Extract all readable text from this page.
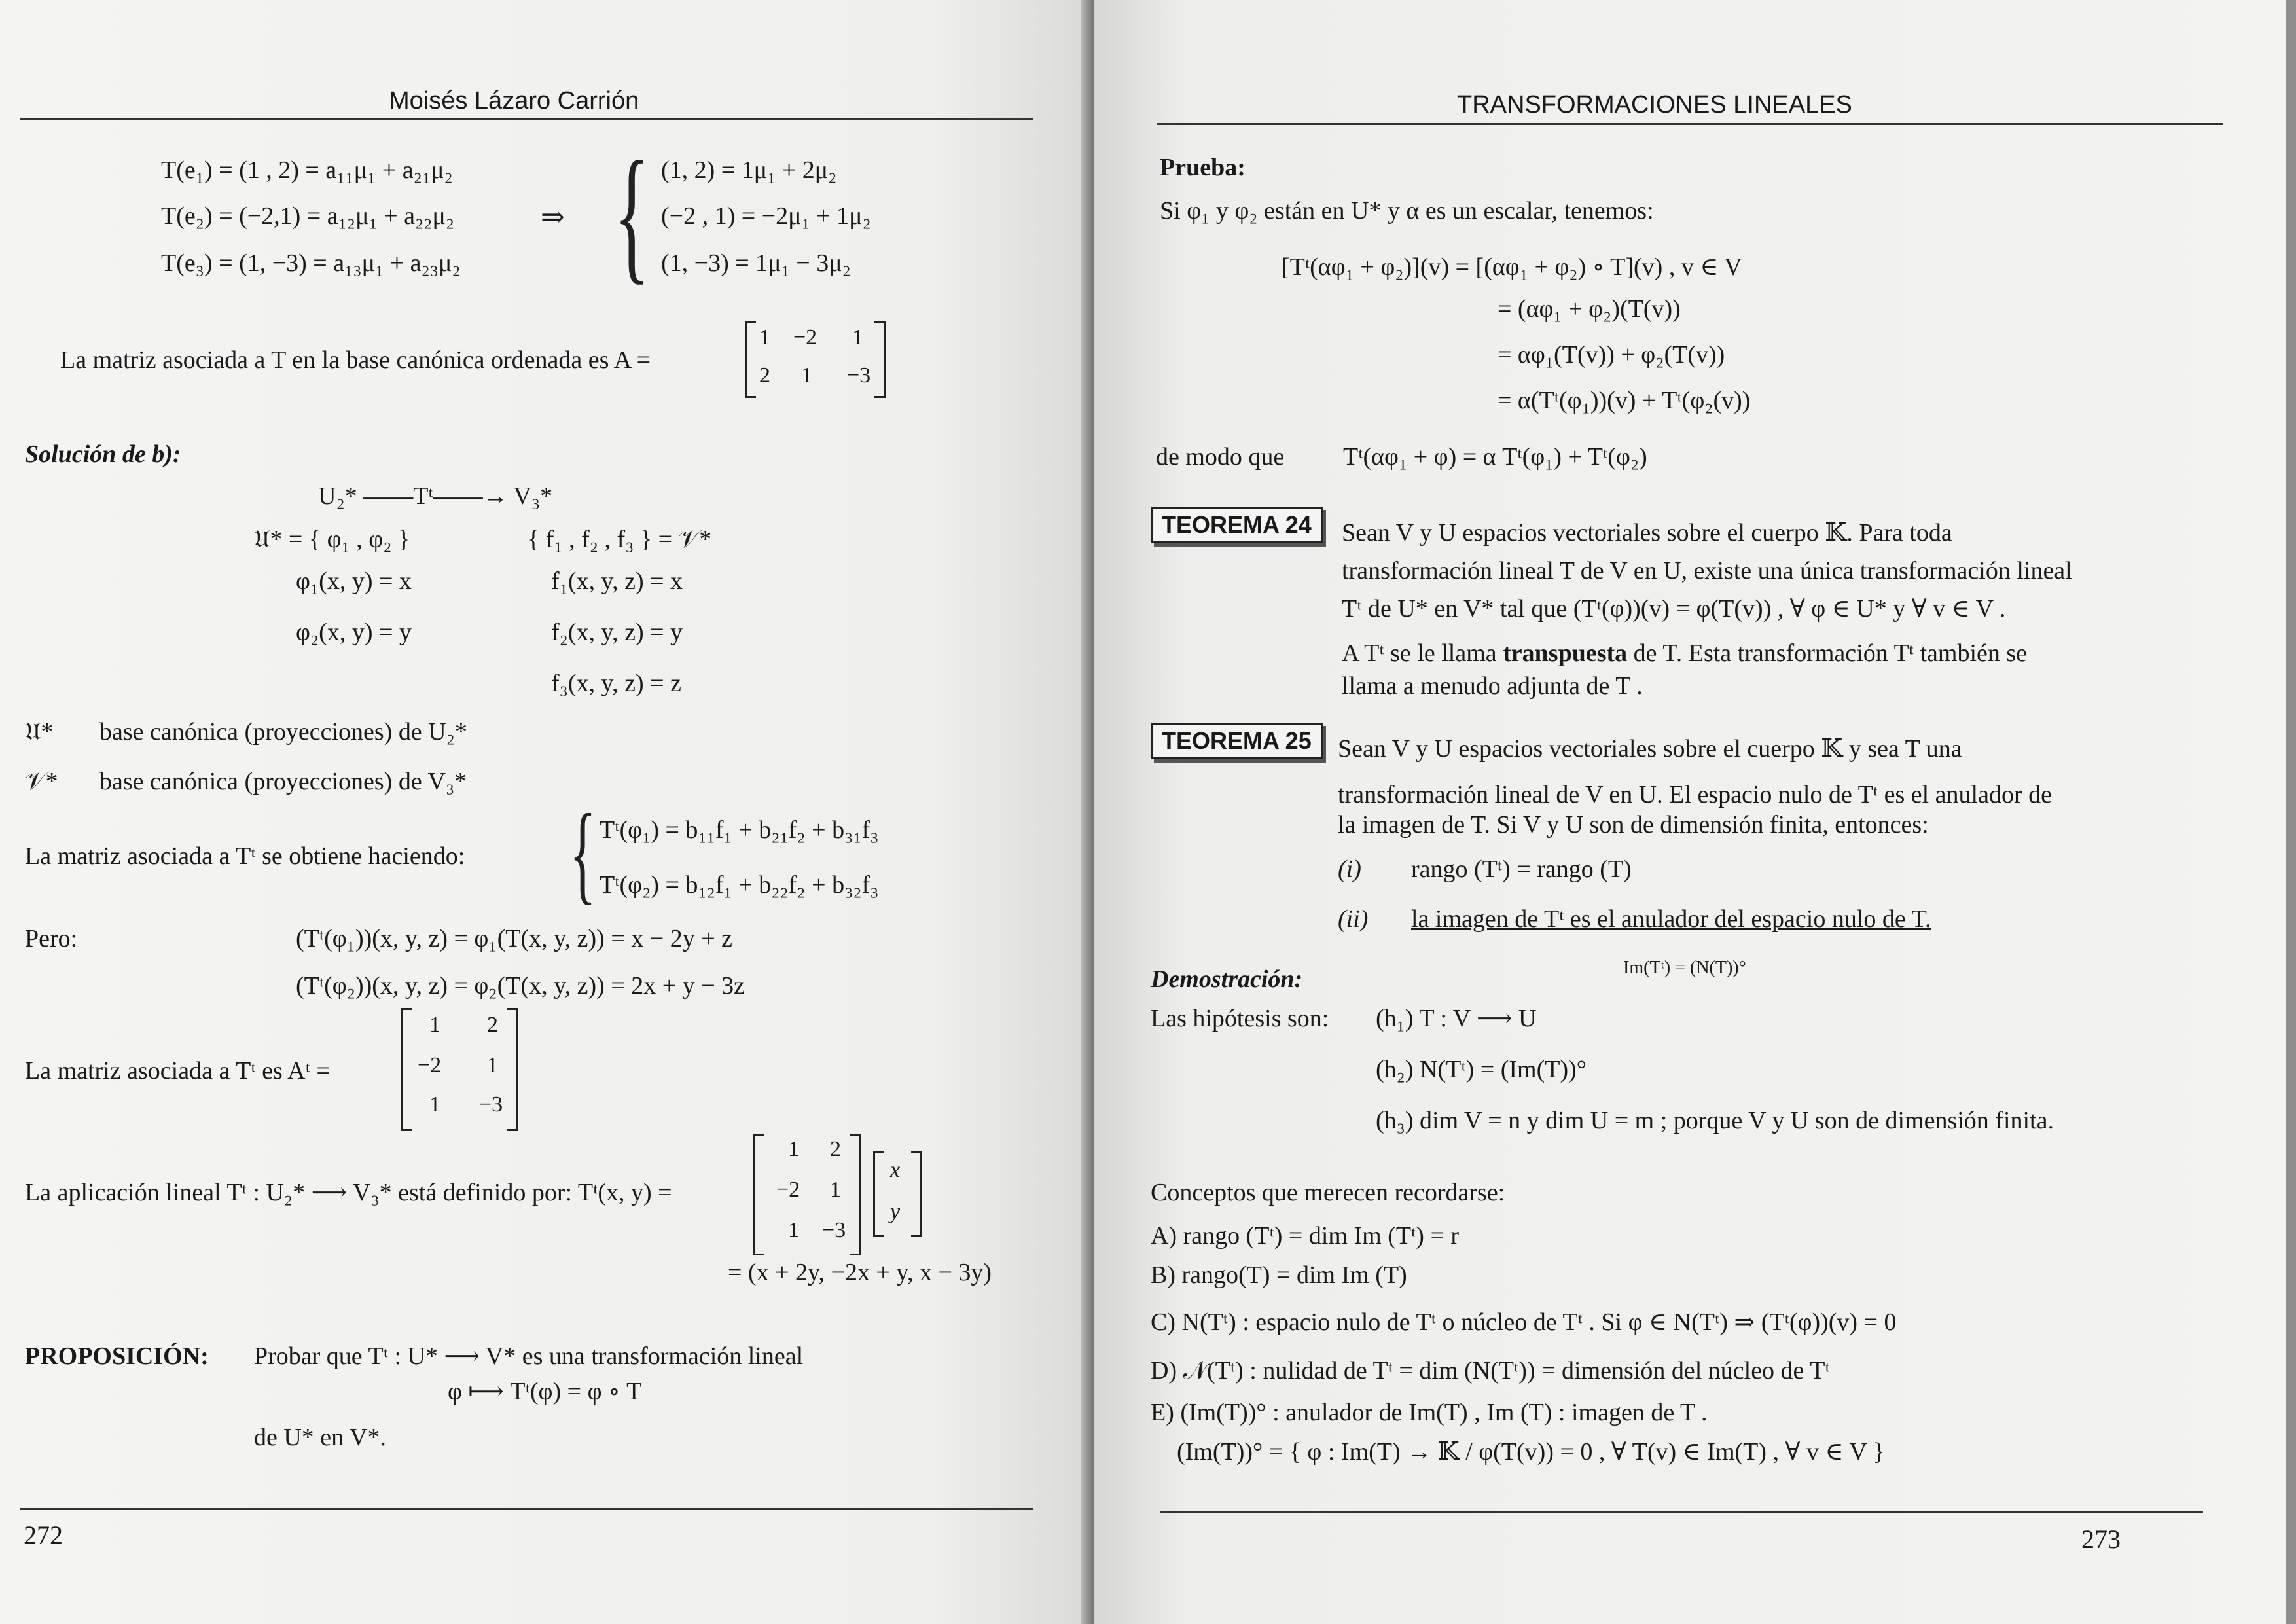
Moisés Lázaro Carrión
T(e₁) = (1 , 2) = a₁₁μ₁ + a₂₁μ₂
T(e₂) = (−2,1) = a₁₂μ₁ + a₂₂μ₂
T(e₃) = (1, −3) = a₁₃μ₁ + a₂₃μ₂
⇒ { (1, 2) = 1μ₁ + 2μ₂
(−2 , 1) = −2μ₁ + 1μ₂
(1, −3) = 1μ₁ − 3μ₂
La matriz asociada a T en la base canónica ordenada es A =
1 −2 1
2 1 −3
Solución de b):
U₂* ——Tᵗ——→ V₃*
𝔘* = { φ₁ , φ₂ }	{ f₁ , f₂ , f₃ } = 𝒱*
φ₁(x, y) = x	f₁(x, y, z) = x
φ₂(x, y) = y	f₂(x, y, z) = y
f₃(x, y, z) = z
𝔘* base canónica (proyecciones) de U₂*
𝒱* base canónica (proyecciones) de V₃*
La matriz asociada a Tᵗ se obtiene haciendo: { Tᵗ(φ₁) = b₁₁f₁ + b₂₁f₂ + b₃₁f₃
Tᵗ(φ₂) = b₁₂f₁ + b₂₂f₂ + b₃₂f₃
Pero:	(Tᵗ(φ₁))(x, y, z) = φ₁(T(x, y, z)) = x − 2y + z
(Tᵗ(φ₂))(x, y, z) = φ₂(T(x, y, z)) = 2x + y − 3z
La matriz asociada a Tᵗ es Aᵗ =
1 2
−2 1
1 −3
La aplicación lineal Tᵗ : U₂* ⟶ V₃* está definido por: Tᵗ(x, y) =
1 2
−2 1
1 −3
x
y
= (x + 2y, −2x + y, x − 3y)
PROPOSICIÓN: Probar que Tᵗ : U* ⟶ V* es una transformación lineal
φ ⟼ Tᵗ(φ) = φ ∘ T
de U* en V*.
272
TRANSFORMACIONES LINEALES
Prueba:
Si φ₁ y φ₂ están en U* y α es un escalar, tenemos:
[Tᵗ(αφ₁ + φ₂)](v) = [(αφ₁ + φ₂) ∘ T](v) , v ∈ V
= (αφ₁ + φ₂)(T(v))
= αφ₁(T(v)) + φ₂(T(v))
= α(Tᵗ(φ₁))(v) + Tᵗ(φ₂(v))
de modo que Tᵗ(αφ₁ + φ) = α Tᵗ(φ₁) + Tᵗ(φ₂)
TEOREMA 24	Sean V y U espacios vectoriales sobre el cuerpo 𝕂. Para toda
transformación lineal T de V en U, existe una única transformación lineal
Tᵗ de U* en V* tal que (Tᵗ(φ))(v) = φ(T(v)) , ∀ φ ∈ U* y ∀ v ∈ V .
A Tᵗ se le llama transpuesta de T. Esta transformación Tᵗ también se
llama a menudo adjunta de T .
TEOREMA 25	Sean V y U espacios vectoriales sobre el cuerpo 𝕂 y sea T una
transformación lineal de V en U. El espacio nulo de Tᵗ es el anulador de
la imagen de T. Si V y U son de dimensión finita, entonces:
(i) rango (Tᵗ) = rango (T)
(ii) la imagen de Tᵗ es el anulador del espacio nulo de T.
Im(Tᵗ) = (N(T))°
Demostración:
Las hipótesis son: (h₁) T : V ⟶ U
(h₂) N(Tᵗ) = (Im(T))°
(h₃) dim V = n y dim U = m ; porque V y U son de dimensión finita.
Conceptos que merecen recordarse:
A) rango (Tᵗ) = dim Im (Tᵗ) = r
B) rango(T) = dim Im (T)
C) N(Tᵗ) : espacio nulo de Tᵗ o núcleo de Tᵗ . Si φ ∈ N(Tᵗ) ⇒ (Tᵗ(φ))(v) = 0
D) 𝒩(Tᵗ) : nulidad de Tᵗ = dim (N(Tᵗ)) = dimensión del núcleo de Tᵗ
E) (Im(T))° : anulador de Im(T) , Im (T) : imagen de T .
(Im(T))° = { φ : Im(T) → 𝕂 / φ(T(v)) = 0 , ∀ T(v) ∈ Im(T) , ∀ v ∈ V }
273
